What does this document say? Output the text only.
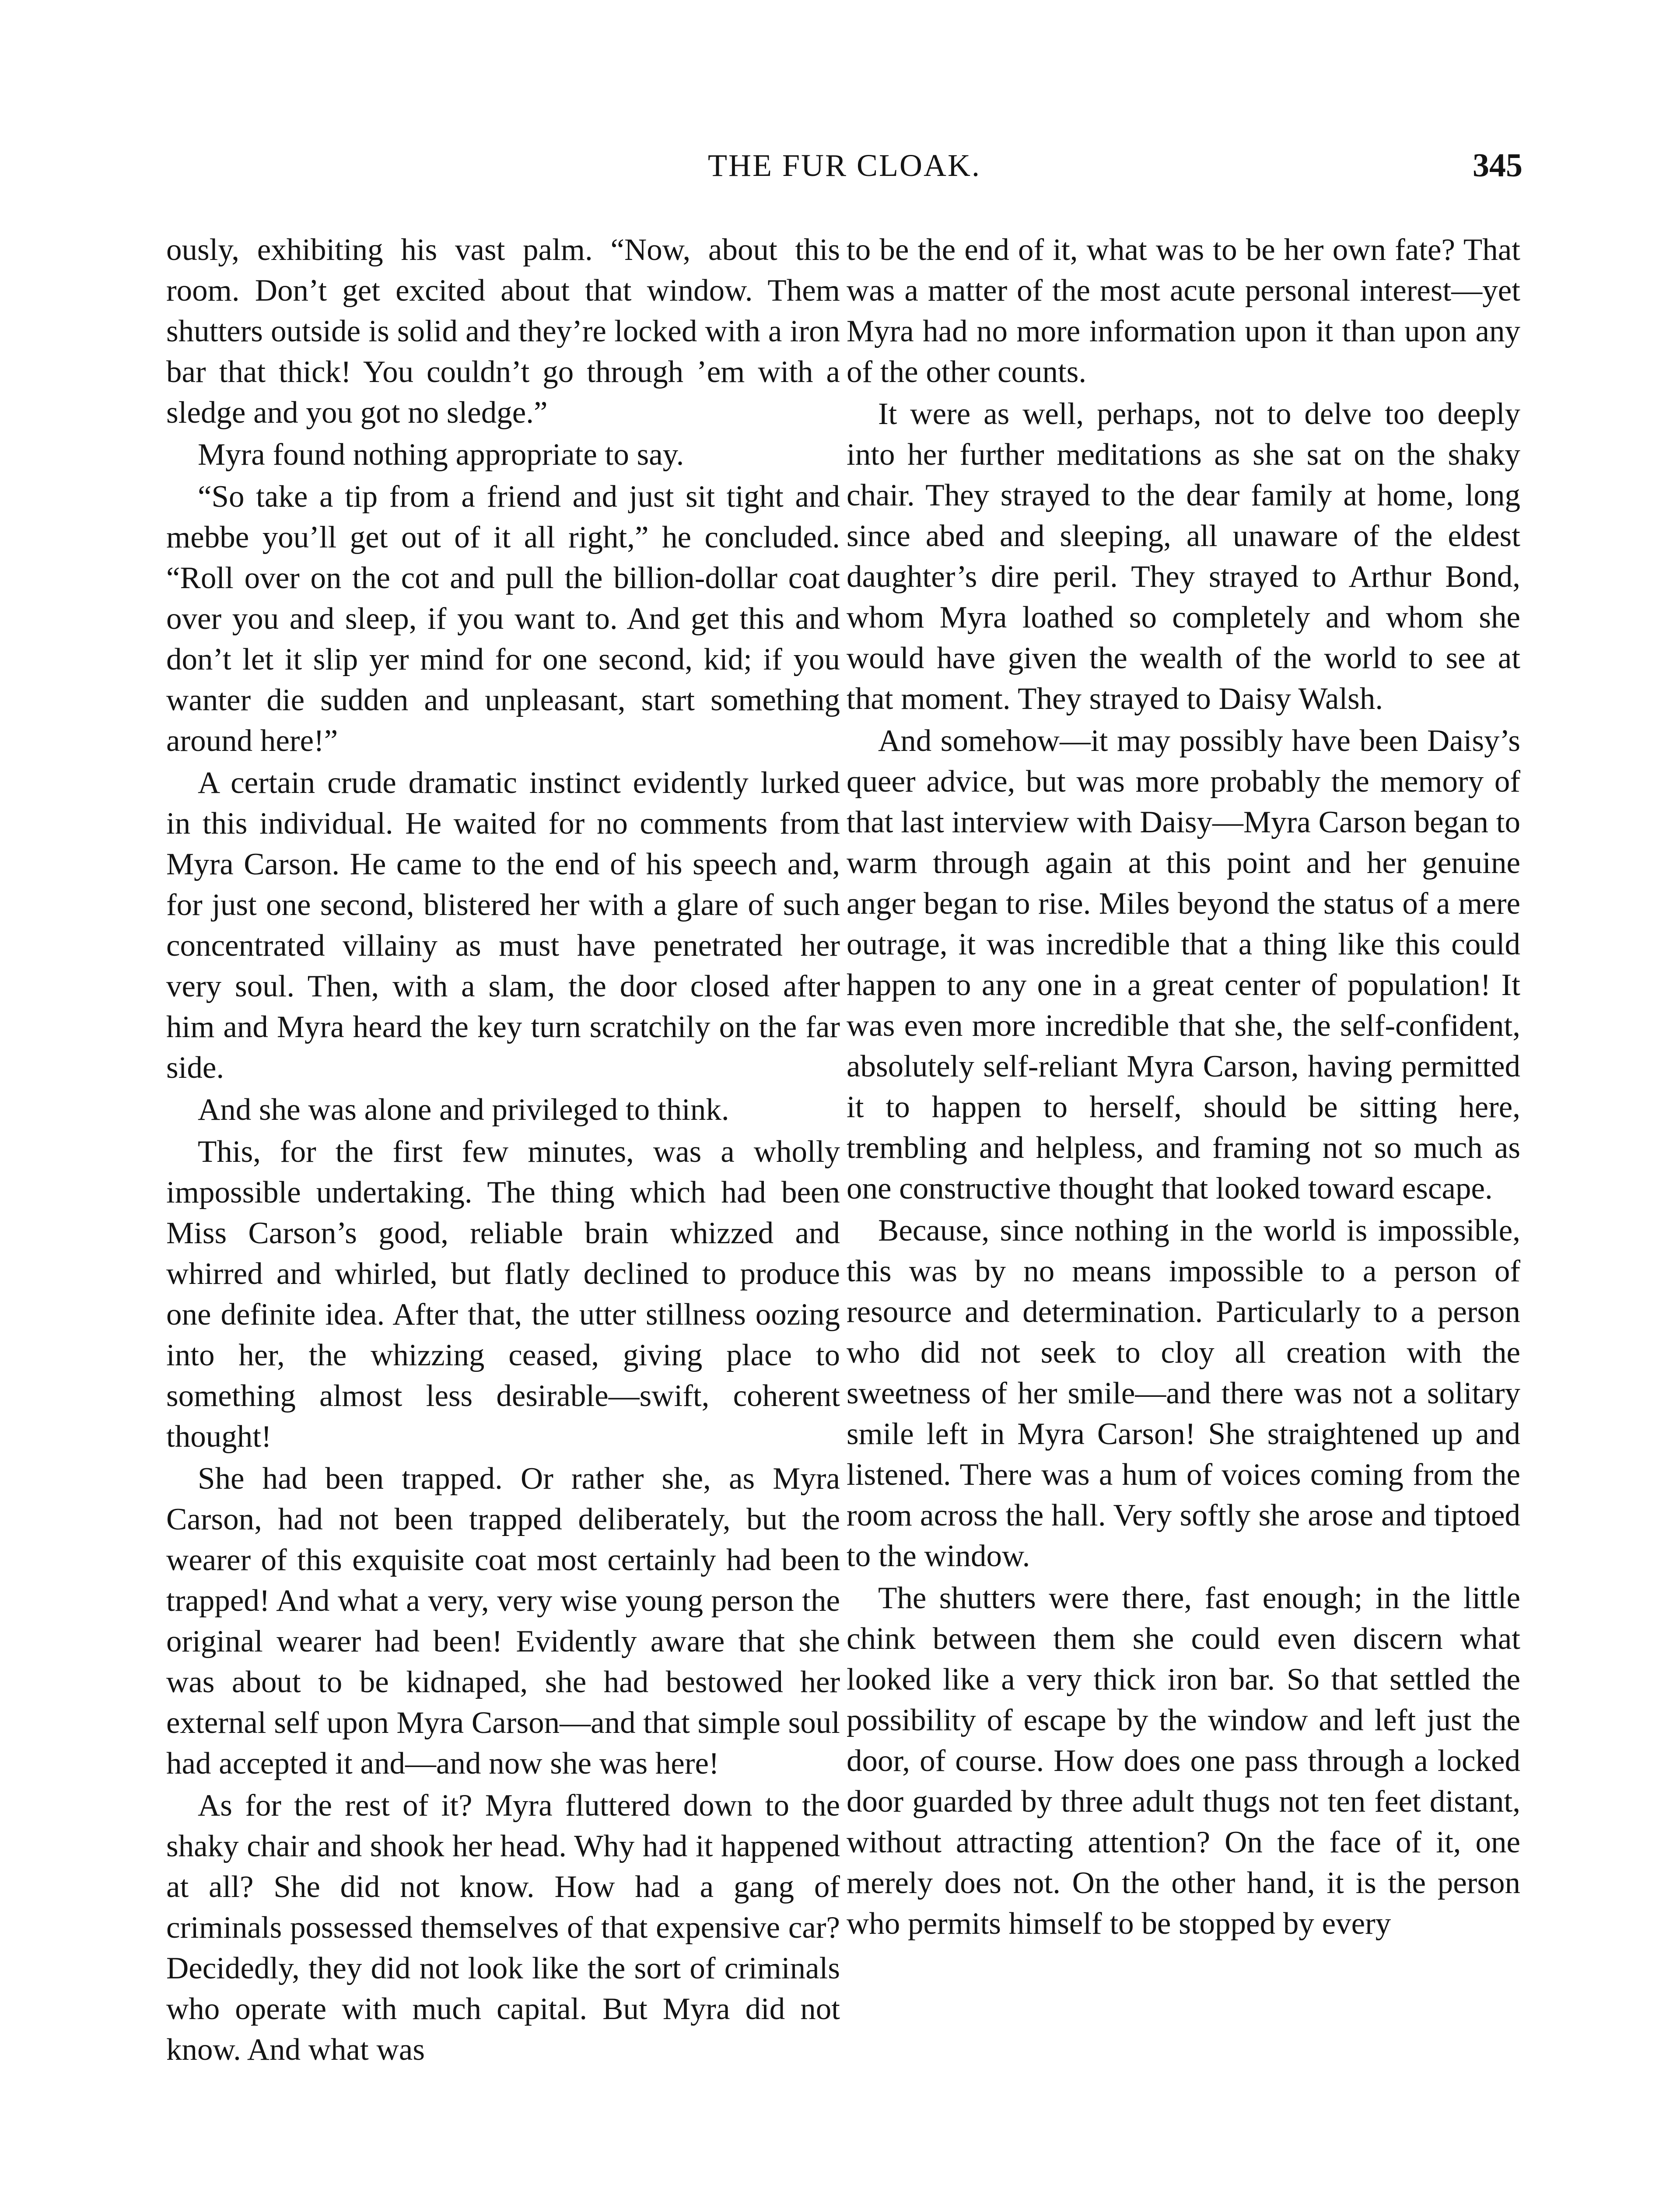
THE FUR CLOAK.	345

ously, exhibiting his vast palm. “Now, about this room. Don’t get excited about that window. Them shutters outside is solid and they’re locked with a iron bar that thick! You couldn’t go through ’em with a sledge and you got no sledge.”

Myra found nothing appropriate to say.

“So take a tip from a friend and just sit tight and mebbe you’ll get out of it all right,” he concluded. “Roll over on the cot and pull the billion-dollar coat over you and sleep, if you want to. And get this and don’t let it slip yer mind for one second, kid; if you wanter die sudden and unpleasant, start something around here!”

A certain crude dramatic instinct evidently lurked in this individual. He waited for no comments from Myra Carson. He came to the end of his speech and, for just one second, blistered her with a glare of such concentrated villainy as must have penetrated her very soul. Then, with a slam, the door closed after him and Myra heard the key turn scratchily on the far side.

And she was alone and privileged to think.

This, for the first few minutes, was a wholly impossible undertaking. The thing which had been Miss Carson’s good, reliable brain whizzed and whirred and whirled, but flatly declined to produce one definite idea. After that, the utter stillness oozing into her, the whizzing ceased, giving place to something almost less desirable—swift, coherent thought!

She had been trapped. Or rather she, as Myra Carson, had not been trapped deliberately, but the wearer of this exquisite coat most certainly had been trapped! And what a very, very wise young person the original wearer had been! Evidently aware that she was about to be kidnaped, she had bestowed her external self upon Myra Carson—and that simple soul had accepted it and—and now she was here!

As for the rest of it? Myra fluttered down to the shaky chair and shook her head. Why had it happened at all? She did not know. How had a gang of criminals possessed themselves of that expensive car? Decidedly, they did not look like the sort of criminals who operate with much capital. But Myra did not know. And what was

to be the end of it, what was to be her own fate? That was a matter of the most acute personal interest—yet Myra had no more information upon it than upon any of the other counts.

It were as well, perhaps, not to delve too deeply into her further meditations as she sat on the shaky chair. They strayed to the dear family at home, long since abed and sleeping, all unaware of the eldest daughter’s dire peril. They strayed to Arthur Bond, whom Myra loathed so completely and whom she would have given the wealth of the world to see at that moment. They strayed to Daisy Walsh.

And somehow—it may possibly have been Daisy’s queer advice, but was more probably the memory of that last interview with Daisy—Myra Carson began to warm through again at this point and her genuine anger began to rise. Miles beyond the status of a mere outrage, it was incredible that a thing like this could happen to any one in a great center of population! It was even more incredible that she, the self-confident, absolutely self-reliant Myra Carson, having permitted it to happen to herself, should be sitting here, trembling and helpless, and framing not so much as one constructive thought that looked toward escape.

Because, since nothing in the world is impossible, this was by no means impossible to a person of resource and determination. Particularly to a person who did not seek to cloy all creation with the sweetness of her smile—and there was not a solitary smile left in Myra Carson! She straightened up and listened. There was a hum of voices coming from the room across the hall. Very softly she arose and tiptoed to the window.

The shutters were there, fast enough; in the little chink between them she could even discern what looked like a very thick iron bar. So that settled the possibility of escape by the window and left just the door, of course. How does one pass through a locked door guarded by three adult thugs not ten feet distant, without attracting attention? On the face of it, one merely does not. On the other hand, it is the person who permits himself to be stopped by every
